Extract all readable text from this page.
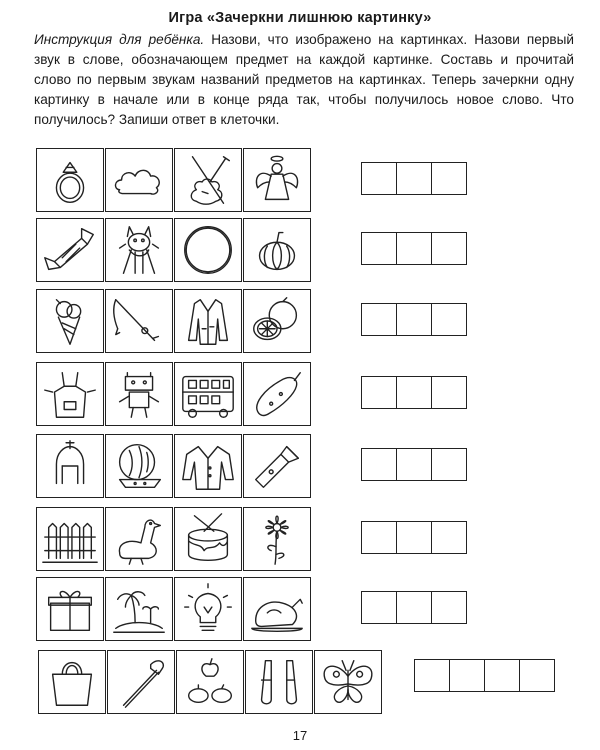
Игра «Зачеркни лишнюю картинку»
Инструкция для ребёнка. Назови, что изображено на картинках. Назови первый звук в слове, обозначающем предмет на каждой картинке. Составь и прочитай слово по первым звукам названий предметов на картинках. Теперь зачеркни одну картинку в начале или в конце ряда так, чтобы получилось новое слово. Что получилось? Запиши ответ в клеточки.
17
